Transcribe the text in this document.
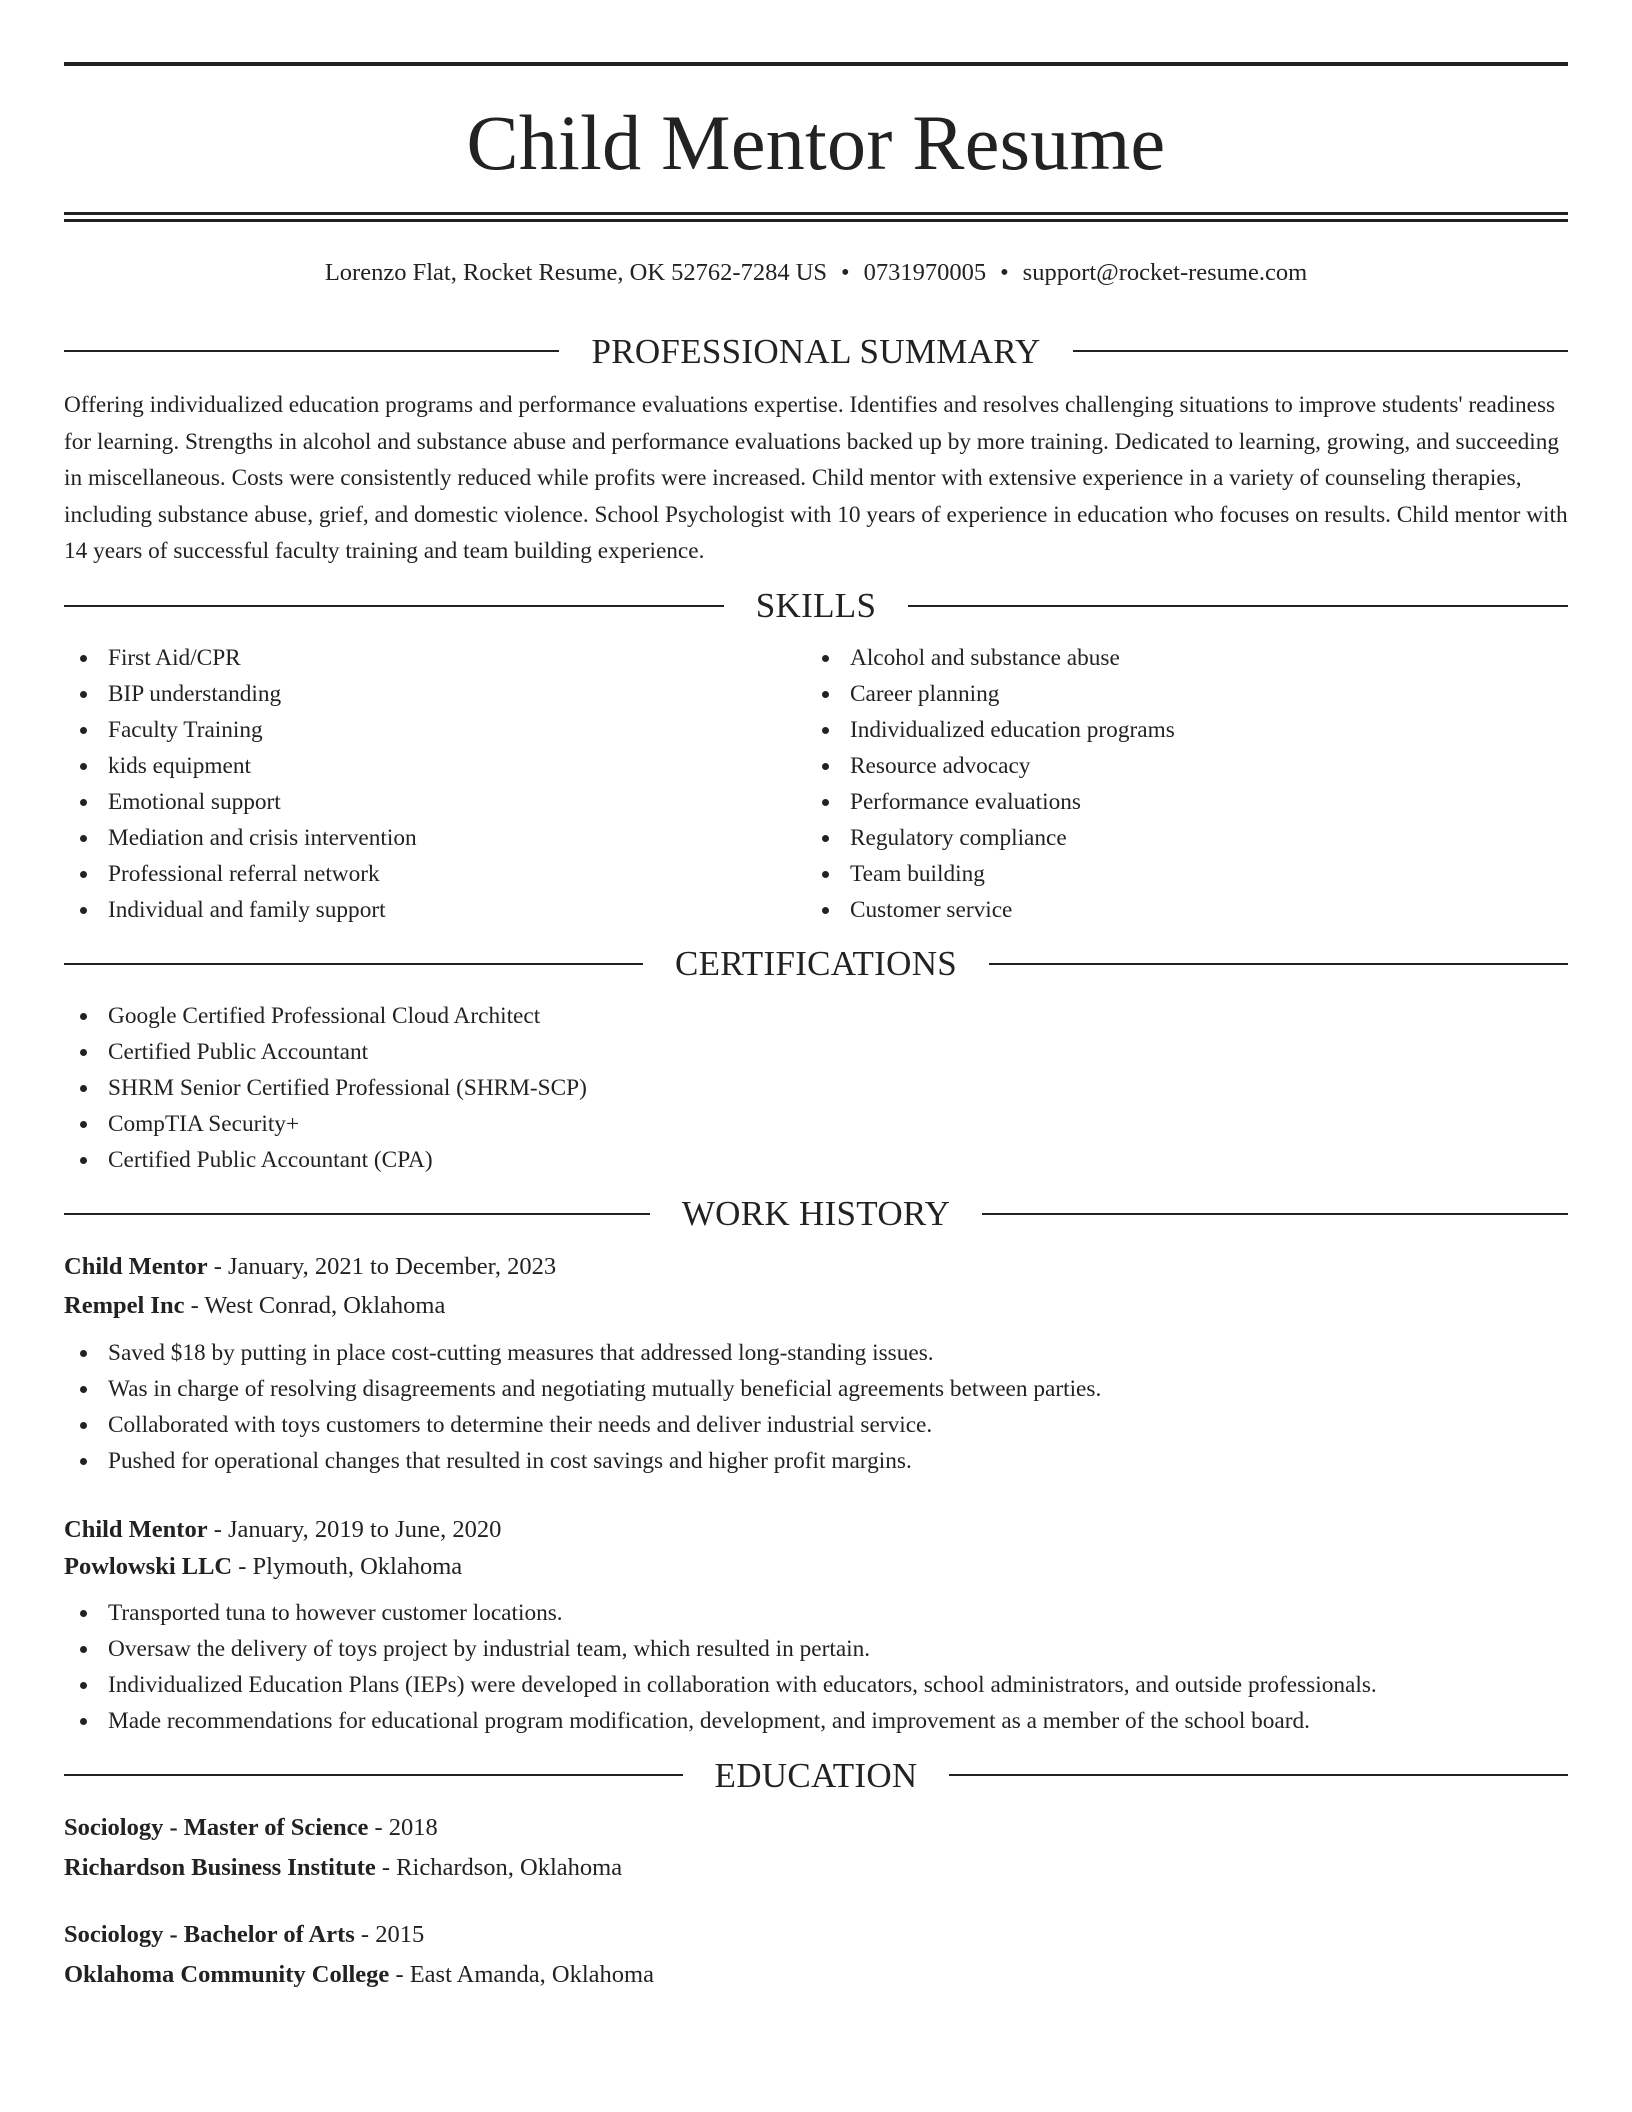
Child Mentor Resume
Lorenzo Flat, Rocket Resume, OK 52762-7284 US • 0731970005 • support@rocket-resume.com
PROFESSIONAL SUMMARY

Offering individualized education programs and performance evaluations expertise. Identifies and resolves challenging situations to improve students' readiness for learning. Strengths in alcohol and substance abuse and performance evaluations backed up by more training. Dedicated to learning, growing, and succeeding in miscellaneous. Costs were consistently reduced while profits were increased. Child mentor with extensive experience in a variety of counseling therapies, including substance abuse, grief, and domestic violence. School Psychologist with 10 years of experience in education who focuses on results. Child mentor with 14 years of successful faculty training and team building experience.

SKILLS
First Aid/CPR
BIP understanding
Faculty Training
kids equipment
Emotional support
Mediation and crisis intervention
Professional referral network
Individual and family support
Alcohol and substance abuse
Career planning
Individualized education programs
Resource advocacy
Performance evaluations
Regulatory compliance
Team building
Customer service
CERTIFICATIONS
Google Certified Professional Cloud Architect
Certified Public Accountant
SHRM Senior Certified Professional (SHRM-SCP)
CompTIA Security+
Certified Public Accountant (CPA)
WORK HISTORY

Child Mentor - January, 2021 to December, 2023

Rempel Inc - West Conrad, Oklahoma

Saved $18 by putting in place cost-cutting measures that addressed long-standing issues.
Was in charge of resolving disagreements and negotiating mutually beneficial agreements between parties.
Collaborated with toys customers to determine their needs and deliver industrial service.
Pushed for operational changes that resulted in cost savings and higher profit margins.

Child Mentor - January, 2019 to June, 2020

Powlowski LLC - Plymouth, Oklahoma

Transported tuna to however customer locations.
Oversaw the delivery of toys project by industrial team, which resulted in pertain.
Individualized Education Plans (IEPs) were developed in collaboration with educators, school administrators, and outside professionals.
Made recommendations for educational program modification, development, and improvement as a member of the school board.
EDUCATION

Sociology - Master of Science - 2018

Richardson Business Institute - Richardson, Oklahoma

Sociology - Bachelor of Arts - 2015

Oklahoma Community College - East Amanda, Oklahoma
